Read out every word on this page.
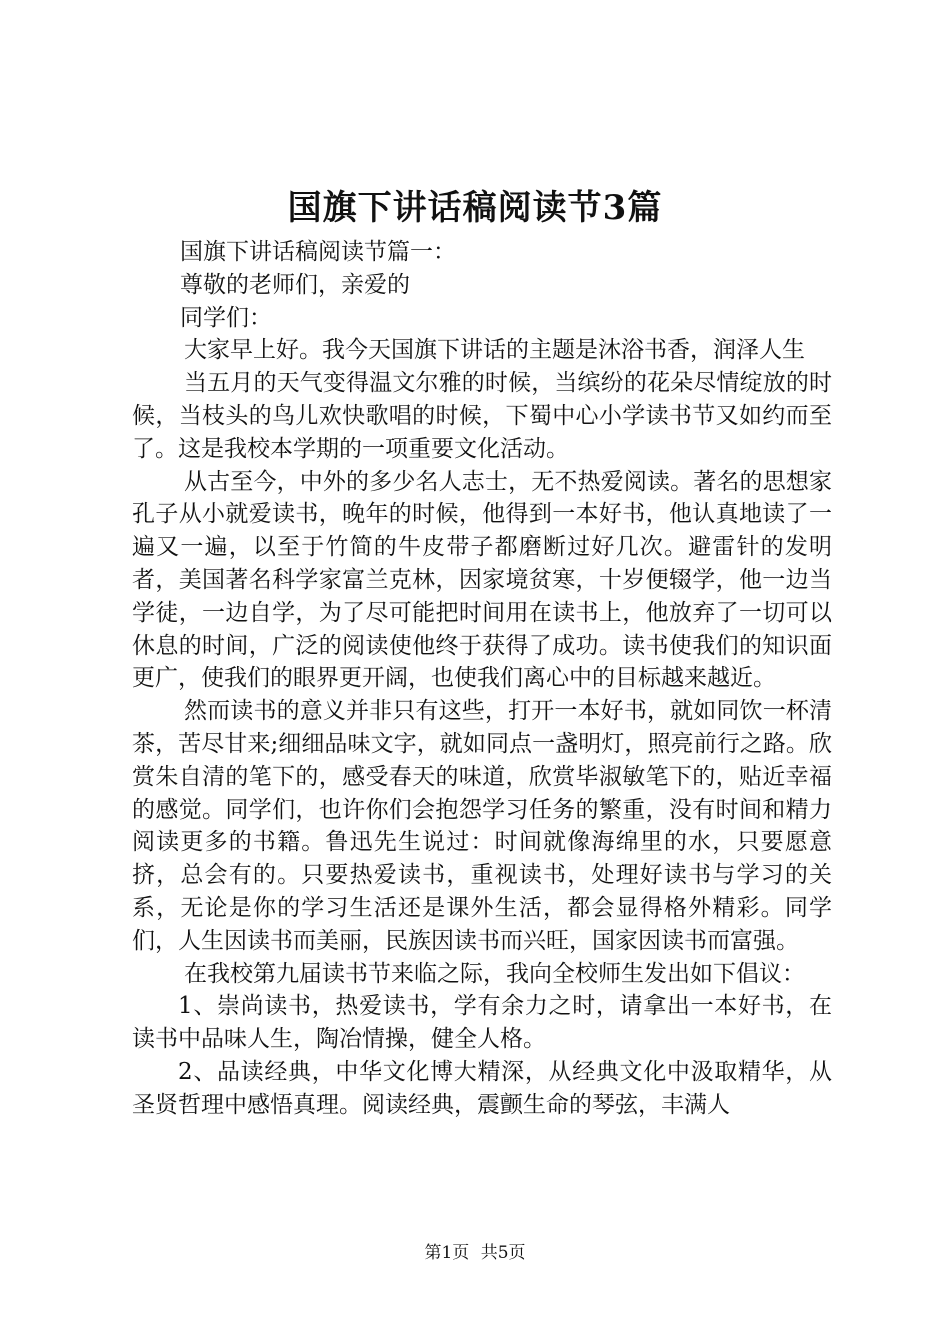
国旗下讲话稿阅读节3篇

国旗下讲话稿阅读节篇一：

尊敬的老师们，亲爱的

同学们：

大家早上好。我今天国旗下讲话的主题是沐浴书香，润泽人生

当五月的天气变得温文尔雅的时候，当缤纷的花朵尽情绽放的时候，当枝头的鸟儿欢快歌唱的时候，下蜀中心小学读书节又如约而至了。这是我校本学期的一项重要文化活动。

从古至今，中外的多少名人志士，无不热爱阅读。著名的思想家孔子从小就爱读书，晚年的时候，他得到一本好书，他认真地读了一遍又一遍，以至于竹简的牛皮带子都磨断过好几次。避雷针的发明者，美国著名科学家富兰克林，因家境贫寒，十岁便辍学，他一边当学徒，一边自学，为了尽可能把时间用在读书上，他放弃了一切可以休息的时间，广泛的阅读使他终于获得了成功。读书使我们的知识面更广，使我们的眼界更开阔，也使我们离心中的目标越来越近。

然而读书的意义并非只有这些，打开一本好书，就如同饮一杯清茶，苦尽甘来;细细品味文字，就如同点一盏明灯，照亮前行之路。欣赏朱自清的笔下的，感受春天的味道，欣赏毕淑敏笔下的，贴近幸福的感觉。同学们，也许你们会抱怨学习任务的繁重，没有时间和精力阅读更多的书籍。鲁迅先生说过：时间就像海绵里的水，只要愿意挤，总会有的。只要热爱读书，重视读书，处理好读书与学习的关系，无论是你的学习生活还是课外生活，都会显得格外精彩。同学们，人生因读书而美丽，民族因读书而兴旺，国家因读书而富强。

在我校第九届读书节来临之际，我向全校师生发出如下倡议：

1、崇尚读书，热爱读书，学有余力之时，请拿出一本好书，在读书中品味人生，陶冶情操，健全人格。

2、品读经典，中华文化博大精深，从经典文化中汲取精华，从圣贤哲理中感悟真理。阅读经典，震颤生命的琴弦，丰满人

第1页 共5页
